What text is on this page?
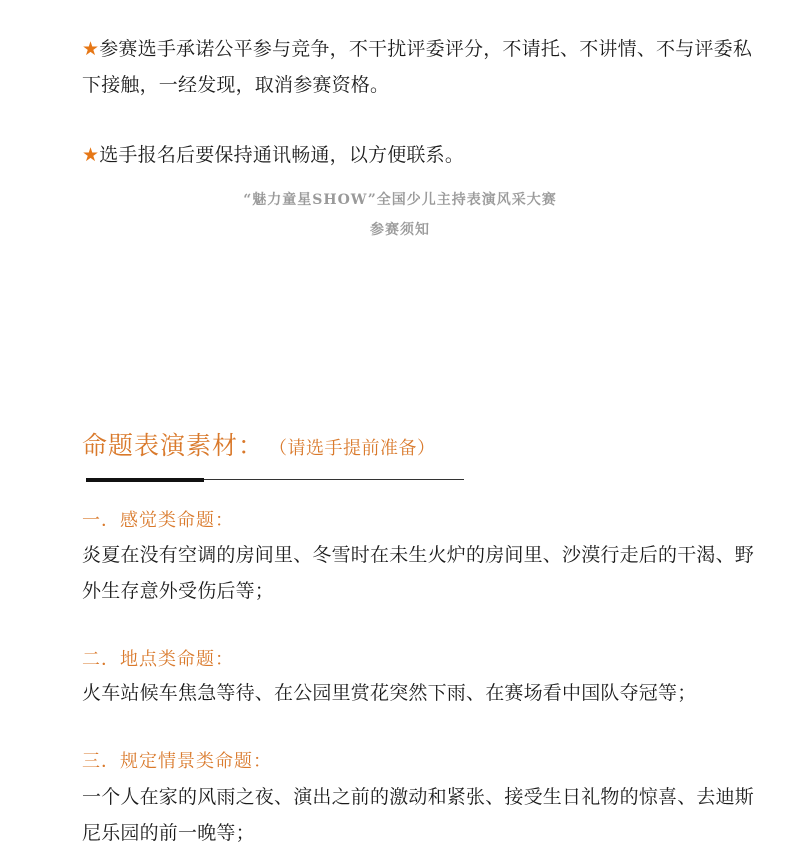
★参赛选手承诺公平参与竞争，不干扰评委评分，不请托、不讲情、不与评委私下接触，一经发现，取消参赛资格。

★选手报名后要保持通讯畅通，以方便联系。

“魅力童星SHOW”全国少儿主持表演风采大赛
参赛须知
命题表演素材： （请选手提前准备）
一．感觉类命题：

炎夏在没有空调的房间里、冬雪时在未生火炉的房间里、沙漠行走后的干渴、野外生存意外受伤后等；

二．地点类命题：

火车站候车焦急等待、在公园里赏花突然下雨、在赛场看中国队夺冠等；

三．规定情景类命题：

一个人在家的风雨之夜、演出之前的激动和紧张、接受生日礼物的惊喜、去迪斯尼乐园的前一晚等；
